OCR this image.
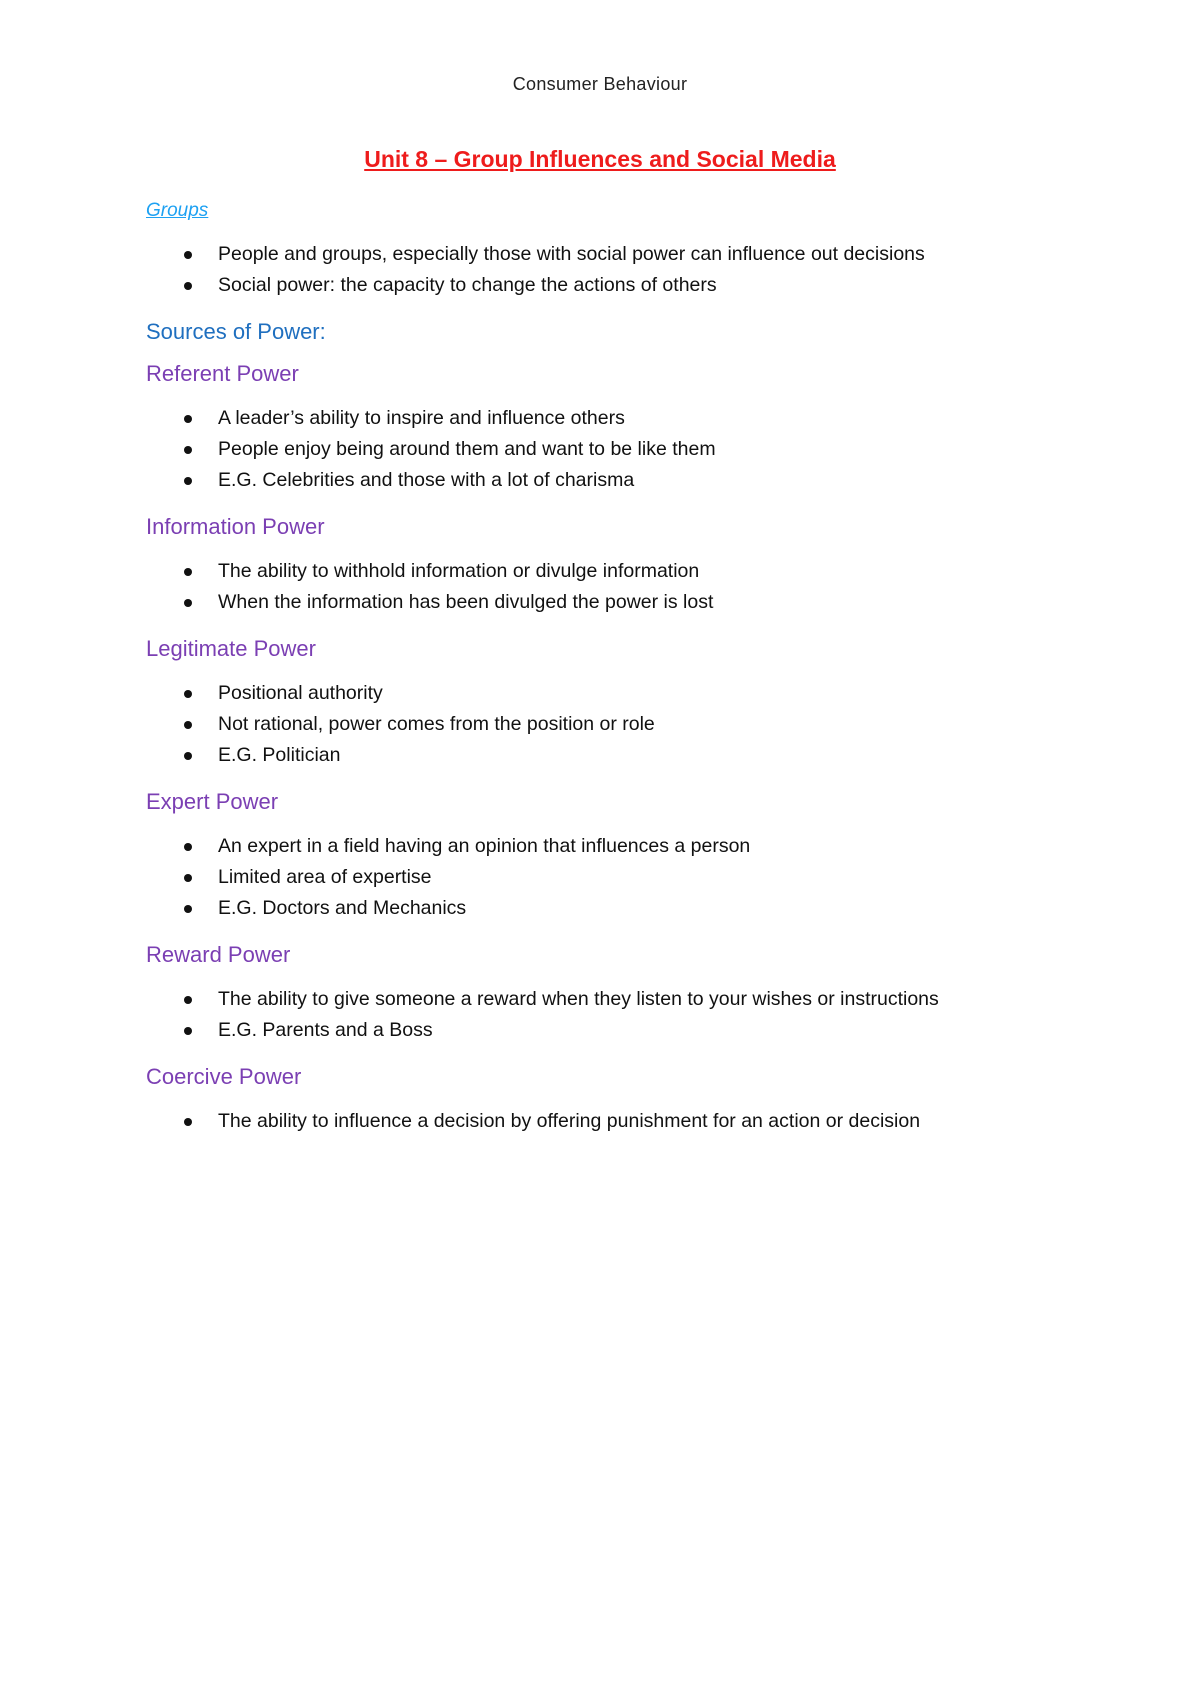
Consumer Behaviour
Unit 8 – Group Influences and Social Media
Groups
People and groups, especially those with social power can influence out decisions
Social power: the capacity to change the actions of others
Sources of Power:
Referent Power
A leader’s ability to inspire and influence others
People enjoy being around them and want to be like them
E.G. Celebrities and those with a lot of charisma
Information Power
The ability to withhold information or divulge information
When the information has been divulged the power is lost
Legitimate Power
Positional authority
Not rational, power comes from the position or role
E.G. Politician
Expert Power
An expert in a field having an opinion that influences a person
Limited area of expertise
E.G. Doctors and Mechanics
Reward Power
The ability to give someone a reward when they listen to your wishes or instructions
E.G. Parents and a Boss
Coercive Power
The ability to influence a decision by offering punishment for an action or decision
